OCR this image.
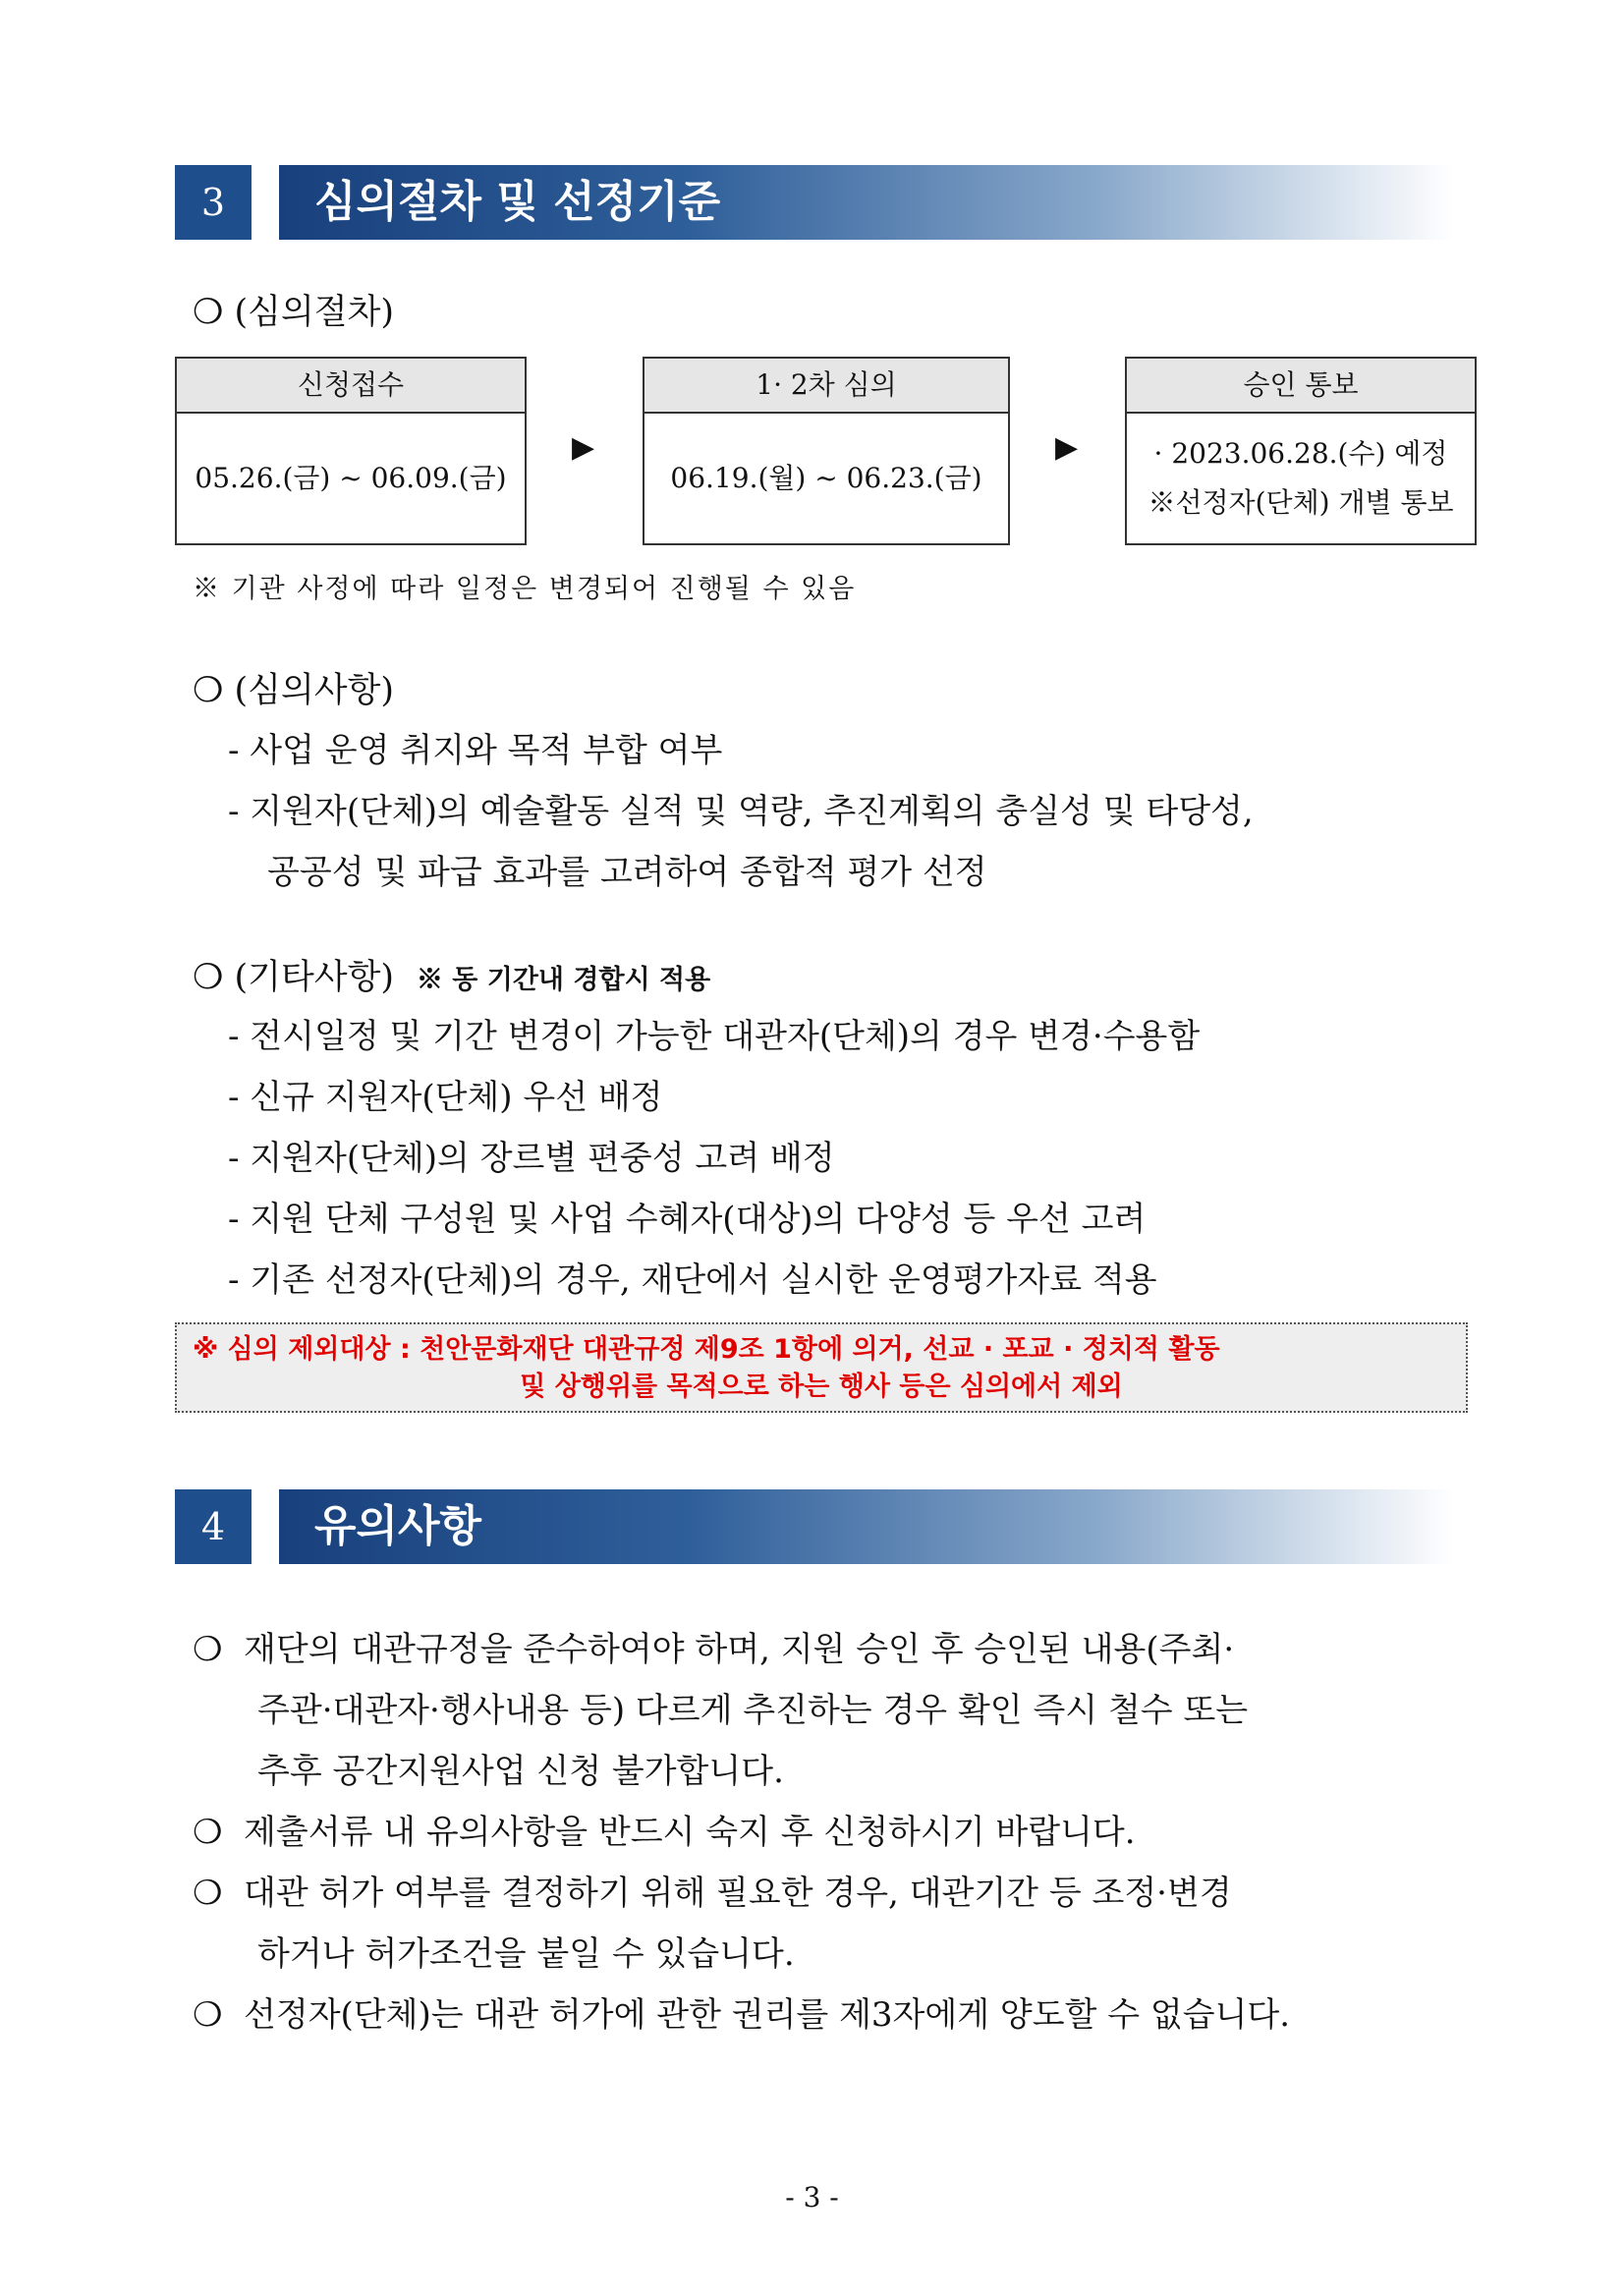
3	심의절차 및 선정기준
❍ (심의절차)
신청접수
05.26.(금) ~ 06.09.(금)
▶
1· 2차 심의
06.19.(월) ~ 06.23.(금)
▶
승인 통보
· 2023.06.28.(수) 예정
※선정자(단체) 개별 통보
※ 기관 사정에 따라 일정은 변경되어 진행될 수 있음
❍ (심의사항)
- 사업 운영 취지와 목적 부합 여부
- 지원자(단체)의 예술활동 실적 및 역량, 추진계획의 충실성 및 타당성,
공공성 및 파급 효과를 고려하여 종합적 평가 선정
❍ (기타사항) ※ 동 기간내 경합시 적용
- 전시일정 및 기간 변경이 가능한 대관자(단체)의 경우 변경·수용함
- 신규 지원자(단체) 우선 배정
- 지원자(단체)의 장르별 편중성 고려 배정
- 지원 단체 구성원 및 사업 수혜자(대상)의 다양성 등 우선 고려
- 기존 선정자(단체)의 경우, 재단에서 실시한 운영평가자료 적용
※ 심의 제외대상 : 천안문화재단 대관규정 제9조 1항에 의거, 선교 · 포교 · 정치적 활동
및 상행위를 목적으로 하는 행사 등은 심의에서 제외
4	유의사항
❍ 재단의 대관규정을 준수하여야 하며, 지원 승인 후 승인된 내용(주최·
주관·대관자·행사내용 등) 다르게 추진하는 경우 확인 즉시 철수 또는
추후 공간지원사업 신청 불가합니다.
❍ 제출서류 내 유의사항을 반드시 숙지 후 신청하시기 바랍니다.
❍ 대관 허가 여부를 결정하기 위해 필요한 경우, 대관기간 등 조정·변경
하거나 허가조건을 붙일 수 있습니다.
❍ 선정자(단체)는 대관 허가에 관한 권리를 제3자에게 양도할 수 없습니다.
- 3 -
